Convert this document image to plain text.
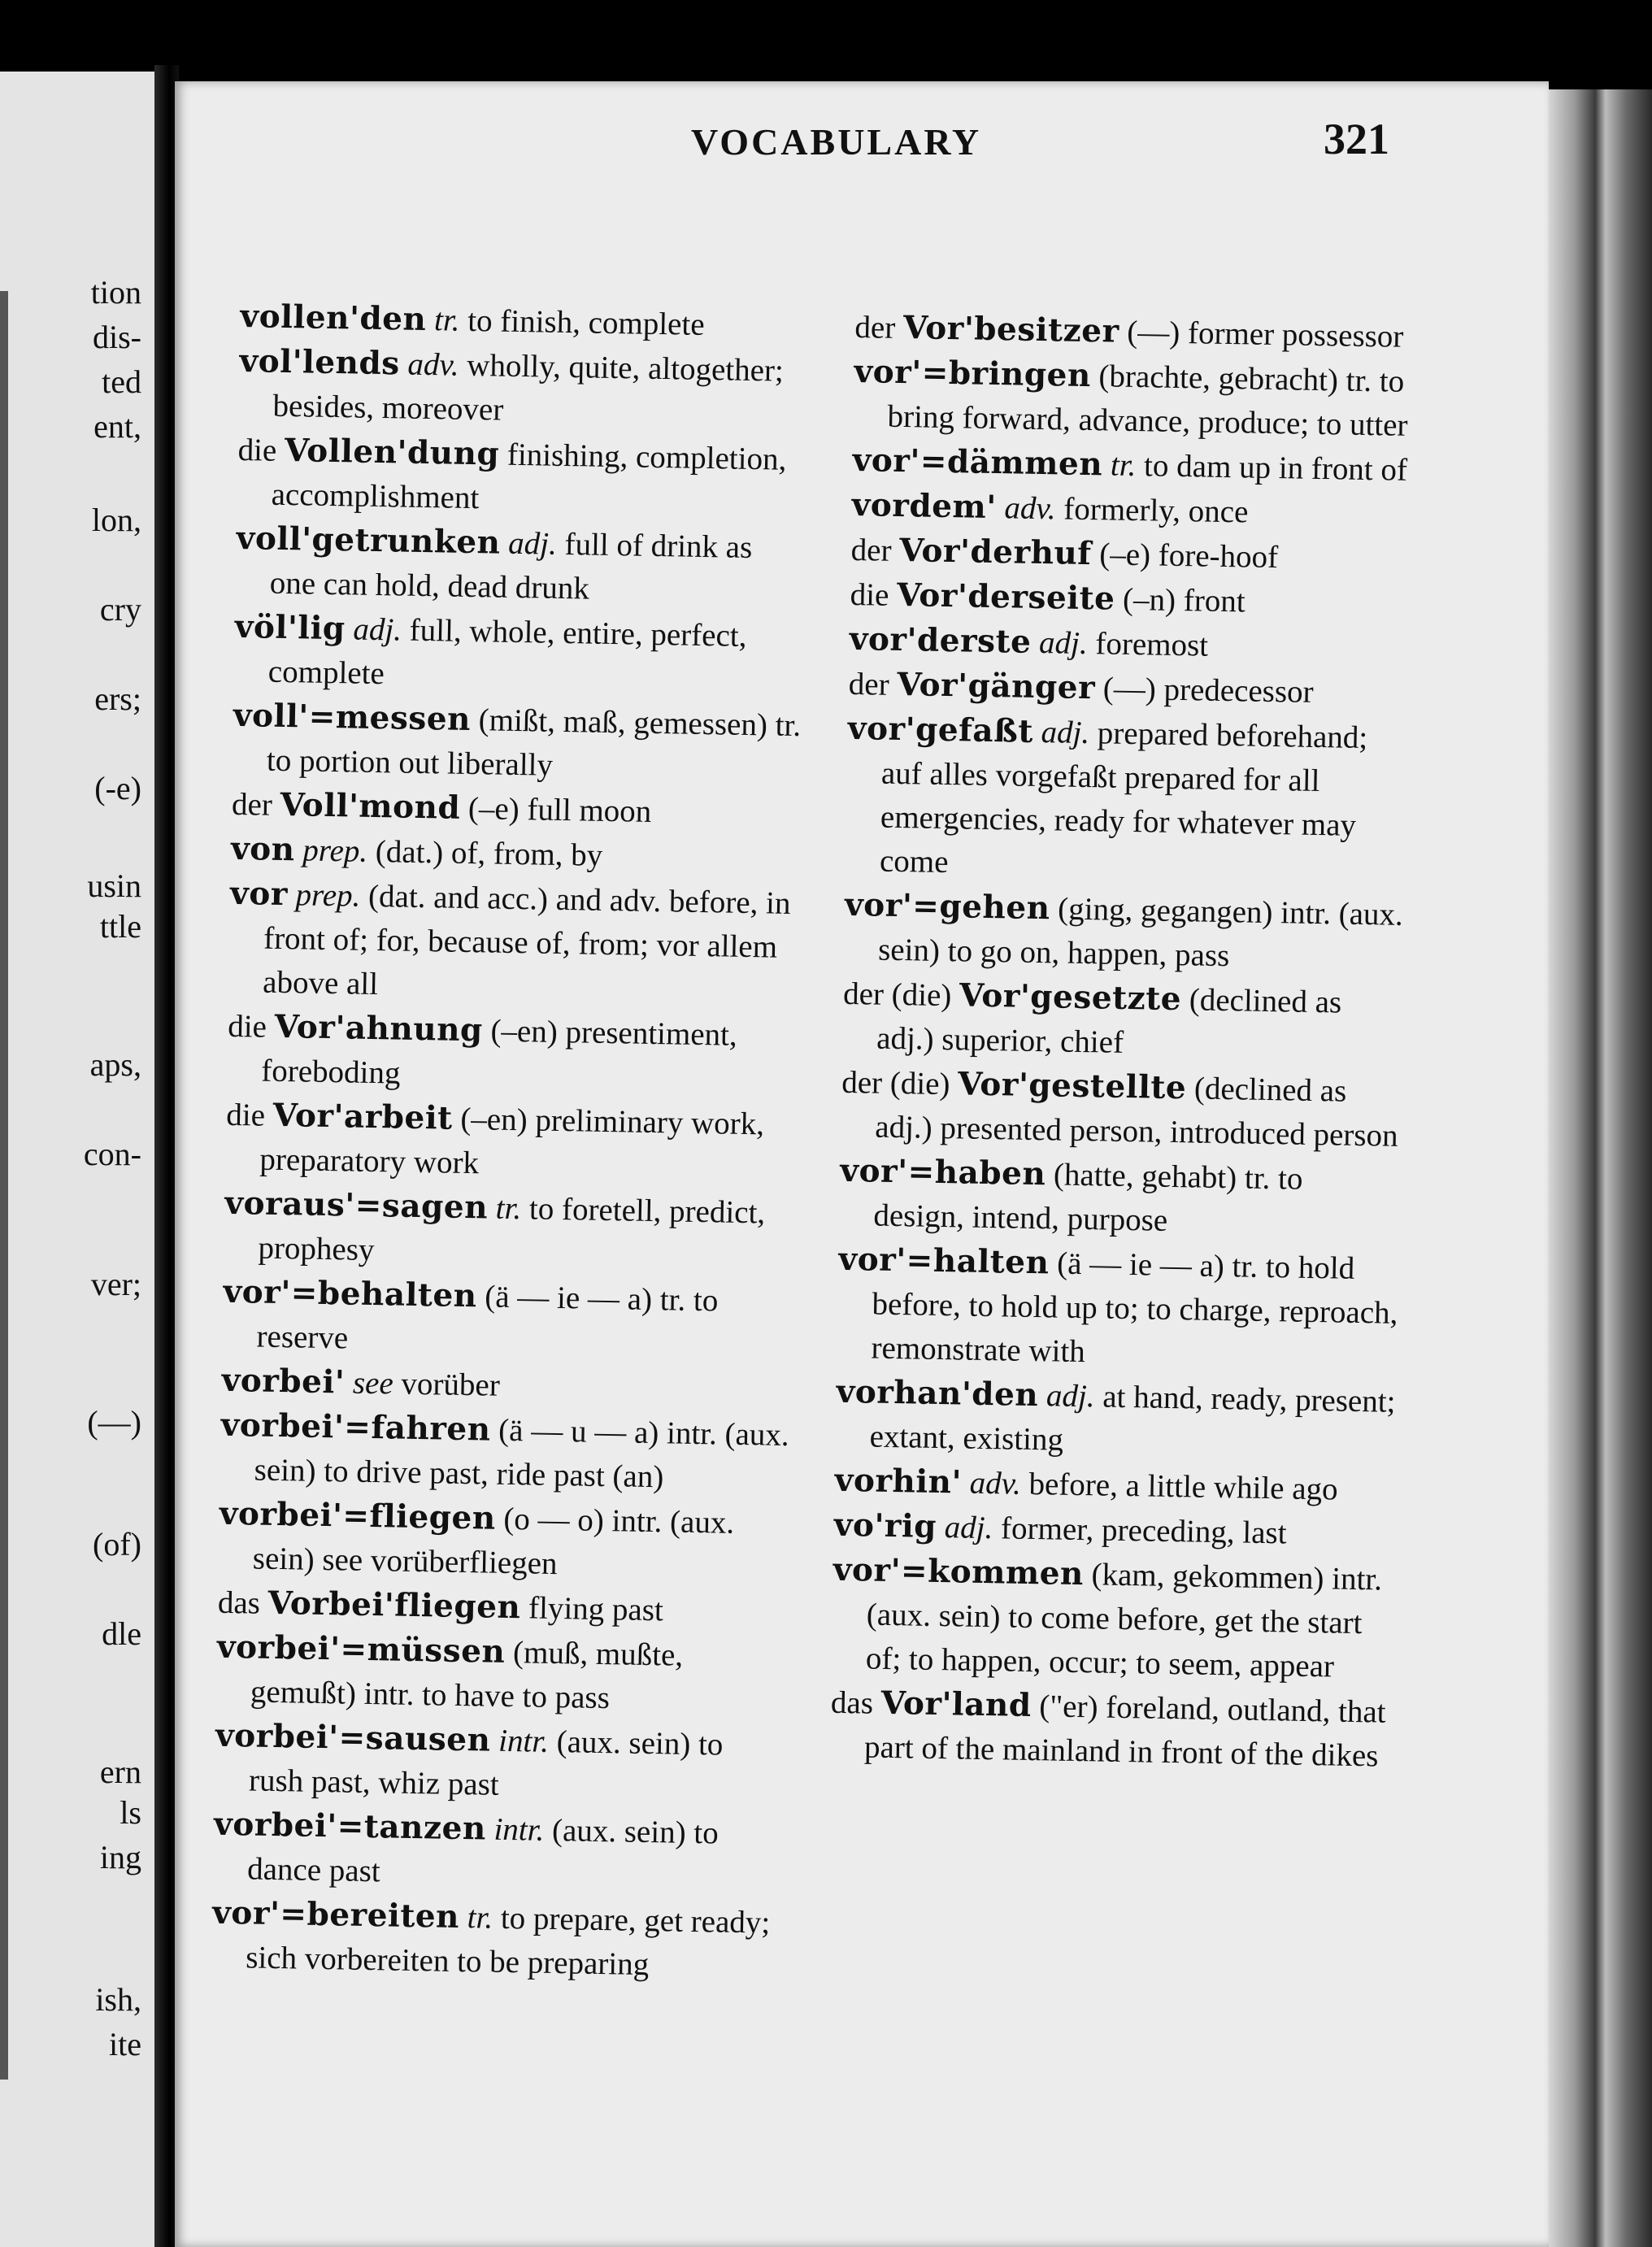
tion
dis-
ted
ent,
lon,
cry
ers;
(-e)
usin
ttle
aps,
con-
ver;
(—)
(of)
dle
ern
ls
ing
ish,
ite
VOCABULARY	321

vollen'den tr. to finish, complete

vol'lends adv. wholly, quite, altogether; besides, moreover

die Vollen'dung finishing, completion, accomplishment

voll'getrunken adj. full of drink as one can hold, dead drunk

völ'lig adj. full, whole, entire, perfect, complete

voll'=messen (mißt, maß, gemessen) tr. to portion out liberally

der Voll'mond (–e) full moon

von prep. (dat.) of, from, by

vor prep. (dat. and acc.) and adv. before, in front of; for, because of, from; vor allem above all

die Vor'ahnung (–en) presentiment, foreboding

die Vor'arbeit (–en) preliminary work, preparatory work

voraus'=sagen tr. to foretell, predict, prophesy

vor'=behalten (ä — ie — a) tr. to reserve

vorbei' see vorüber

vorbei'=fahren (ä — u — a) intr. (aux. sein) to drive past, ride past (an)

vorbei'=fliegen (o — o) intr. (aux. sein) see vorüberfliegen

das Vorbei'fliegen flying past

vorbei'=müssen (muß, mußte, gemußt) intr. to have to pass

vorbei'=sausen intr. (aux. sein) to rush past, whiz past

vorbei'=tanzen intr. (aux. sein) to dance past

vor'=bereiten tr. to prepare, get ready; sich vorbereiten to be preparing

der Vor'besitzer (—) former possessor

vor'=bringen (brachte, gebracht) tr. to bring forward, advance, produce; to utter

vor'=dämmen tr. to dam up in front of

vordem' adv. formerly, once

der Vor'derhuf (–e) fore-hoof

die Vor'derseite (–n) front

vor'derste adj. foremost

der Vor'gänger (—) predecessor

vor'gefaßt adj. prepared beforehand; auf alles vorgefaßt prepared for all emergencies, ready for whatever may come

vor'=gehen (ging, gegangen) intr. (aux. sein) to go on, happen, pass

der (die) Vor'gesetzte (declined as adj.) superior, chief

der (die) Vor'gestellte (declined as adj.) presented person, introduced person

vor'=haben (hatte, gehabt) tr. to design, intend, purpose

vor'=halten (ä — ie — a) tr. to hold before, to hold up to; to charge, reproach, remonstrate with

vorhan'den adj. at hand, ready, present; extant, existing

vorhin' adv. before, a little while ago

vo'rig adj. former, preceding, last

vor'=kommen (kam, gekommen) intr. (aux. sein) to come before, get the start of; to happen, occur; to seem, appear

das Vor'land ("er) foreland, outland, that part of the mainland in front of the dikes
